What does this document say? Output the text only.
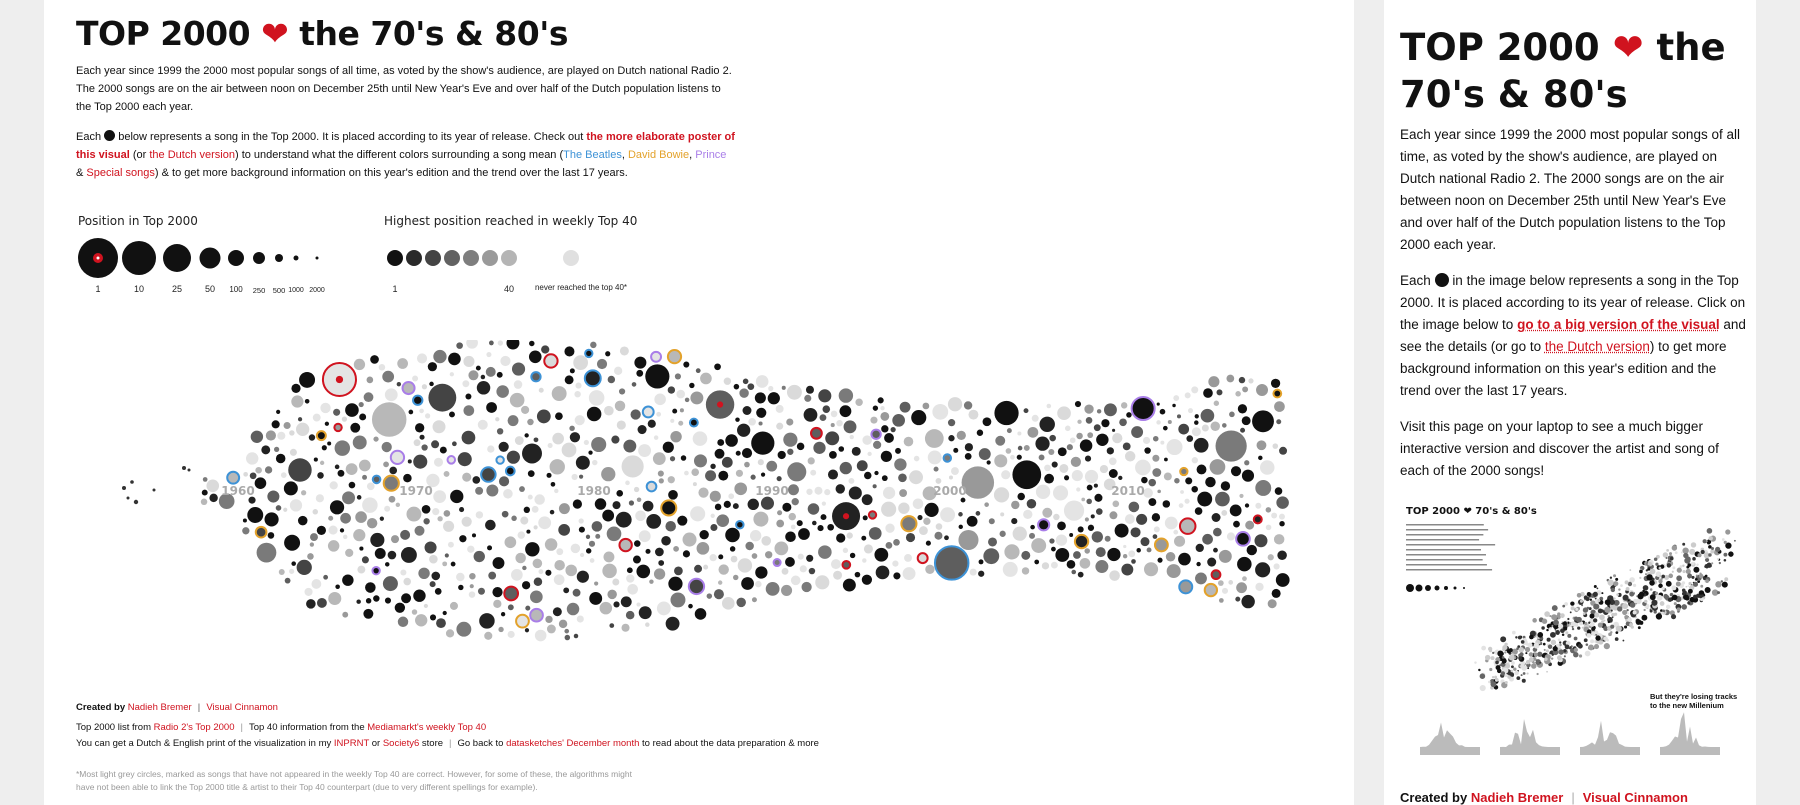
TOP 2000 ❤ the 70's & 80's

Each year since 1999 the 2000 most popular songs of all time, as voted by the show's audience, are played on Dutch national Radio 2. The 2000 songs are on the air between noon on December 25th until New Year's Eve and over half of the Dutch population listens to the Top 2000 each year.

Each below represents a song in the Top 2000. It is placed according to its year of release. Check out the more elaborate poster of this visual (or the Dutch version) to understand what the different colors surrounding a song mean (The Beatles, David Bowie, Prince & Special songs) & to get more background information on this year's edition and the trend over the last 17 years.

Position in Top 2000	Highest position reached in weekly Top 40

1	10	25	50	100	250 500 1000 2000	1	40	never reached the top 40*
1960	1970	1980	1990	2000	2010
Created by Nadieh Bremer | Visual Cinnamon
Top 2000 list from Radio 2's Top 2000 | Top 40 information from the Mediamarkt's weekly Top 40
You can get a Dutch & English print of the visualization in my INPRNT or Society6 store | Go back to datasketches' December month to read about the data preparation & more
*Most light grey circles, marked as songs that have not appeared in the weekly Top 40 are correct. However, for some of these, the algorithms might have not been able to link the Top 2000 title & artist to their Top 40 counterpart (due to very different spellings for example).
TOP 2000 ❤ the 70's & 80's

Each year since 1999 the 2000 most popular songs of all time, as voted by the show's audience, are played on Dutch national Radio 2. The 2000 songs are on the air between noon on December 25th until New Year's Eve and over half of the Dutch population listens to the Top 2000 each year.

Each in the image below represents a song in the Top 2000. It is placed according to its year of release. Click on the image below to go to a big version of the visual and see the details (or go to the Dutch version) to get more background information on this year's edition and the trend over the last 17 years.

Visit this page on your laptop to see a much bigger interactive version and discover the artist and song of each of the 2000 songs!

TOP 2000 ❤ 70's & 80's
But they're losing tracks to the new Millenium
Created by Nadieh Bremer | Visual Cinnamon
